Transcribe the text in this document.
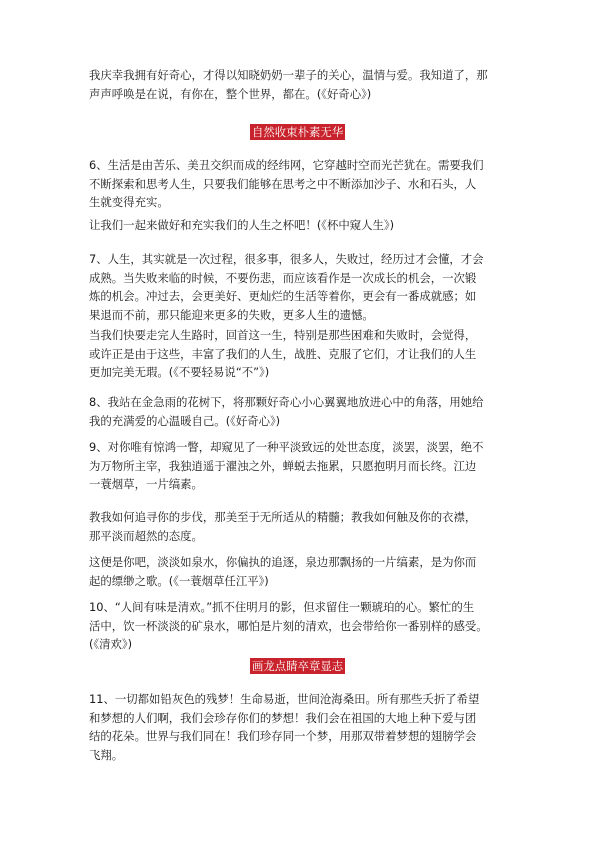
我庆幸我拥有好奇心，才得以知晓奶奶一辈子的关心，温情与爱。我知道了，那
声声呼唤是在说，有你在，整个世界，都在。(《好奇心》)

自然收束朴素无华

6、生活是由苦乐、美丑交织而成的经纬网，它穿越时空而光芒犹在。需要我们
不断探索和思考人生，只要我们能够在思考之中不断添加沙子、水和石头，人
生就变得充实。

让我们一起来做好和充实我们的人生之杯吧！(《杯中窥人生》)

7、人生，其实就是一次过程，很多事，很多人，失败过，经历过才会懂，才会
成熟。当失败来临的时候，不要伤悲，而应该看作是一次成长的机会，一次锻
炼的机会。冲过去，会更美好、更灿烂的生活等着你，更会有一番成就感；如
果退而不前，那只能迎来更多的失败，更多人生的遗憾。

当我们快要走完人生路时，回首这一生，特别是那些困难和失败时，会觉得，
或许正是由于这些，丰富了我们的人生，战胜、克服了它们，才让我们的人生
更加完美无瑕。(《不要轻易说“不”》)

8、我站在金急雨的花树下，将那颗好奇心小心翼翼地放进心中的角落，用她给
我的充满爱的心温暖自己。(《好奇心》)

9、对你唯有惊鸿一瞥，却窥见了一种平淡致远的处世态度，淡罢，淡罢，绝不
为万物所主宰，我独逍遥于濯浊之外，蝉蜕去拖累，只愿抱明月而长终。江边
一蓑烟草，一片缟素。

教我如何追寻你的步伐，那美至于无所适从的精髓；教我如何触及你的衣襟，
那平淡而超然的态度。

这便是你吧，淡淡如泉水，你偏执的追逐，泉边那飘扬的一片缟素，是为你而
起的缥缈之歌。(《一蓑烟草任江平》)

10、“人间有味是清欢。”抓不住明月的影，但求留住一颗琥珀的心。繁忙的生
活中，饮一杯淡淡的矿泉水，哪怕是片刻的清欢，也会带给你一番别样的感受。
(《清欢》)

画龙点睛卒章显志

11、一切都如铅灰色的残梦！生命易逝，世间沧海桑田。所有那些夭折了希望
和梦想的人们啊，我们会珍存你们的梦想！我们会在祖国的大地上种下爱与团
结的花朵。世界与我们同在！我们珍存同一个梦，用那双带着梦想的翅膀学会
飞翔。
